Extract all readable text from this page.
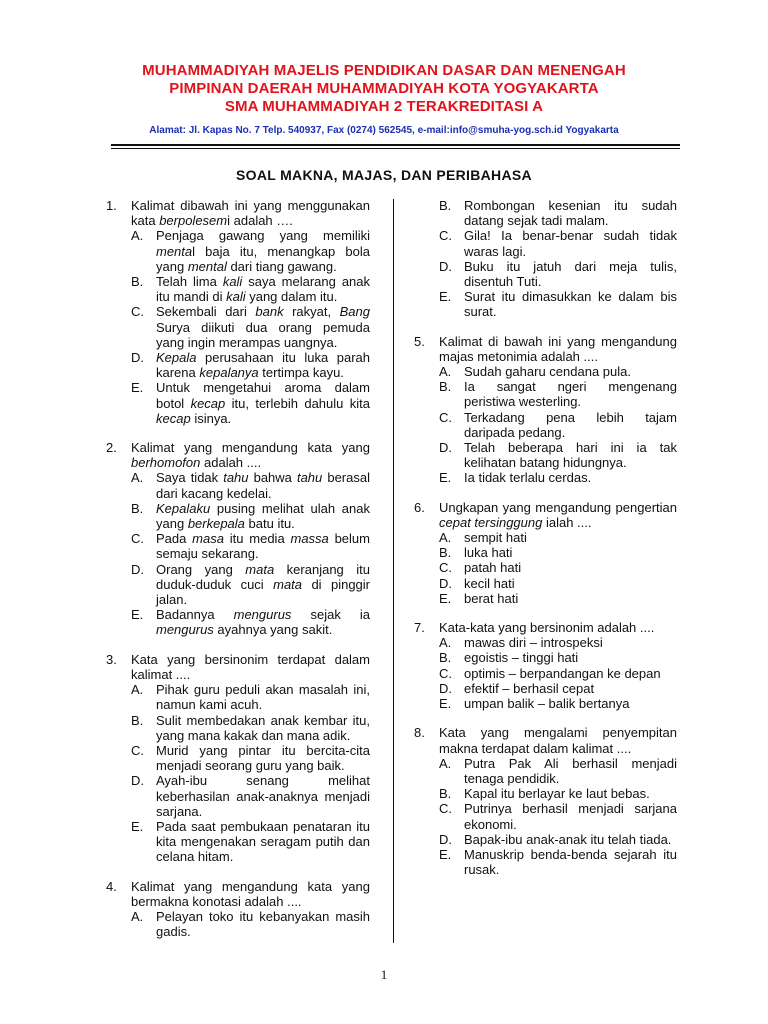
MUHAMMADIYAH MAJELIS PENDIDIKAN DASAR DAN MENENGAH
PIMPINAN DAERAH MUHAMMADIYAH KOTA YOGYAKARTA
SMA MUHAMMADIYAH 2 TERAKREDITASI A
Alamat: Jl. Kapas No. 7 Telp. 540937, Fax (0274) 562545, e-mail:info@smuha-yog.sch.id Yogyakarta
SOAL MAKNA, MAJAS, DAN PERIBAHASA
1.	Kalimat dibawah ini yang menggunakan kata berpolesemi adalah ….
A. Penjaga gawang yang memiliki mental baja itu, menangkap bola yang mental dari tiang gawang.
B. Telah lima kali saya melarang anak itu mandi di kali yang dalam itu.
C. Sekembali dari bank rakyat, Bang Surya diikuti dua orang pemuda yang ingin merampas uangnya.
D. Kepala perusahaan itu luka parah karena kepalanya tertimpa kayu.
E. Untuk mengetahui aroma dalam botol kecap itu, terlebih dahulu kita kecap isinya.
2.	Kalimat yang mengandung kata yang berhomofon adalah ....
A. Saya tidak tahu bahwa tahu berasal dari kacang kedelai.
B. Kepalaku pusing melihat ulah anak yang berkepala batu itu.
C. Pada masa itu media massa belum semaju sekarang.
D. Orang yang mata keranjang itu duduk-duduk cuci mata di pinggir jalan.
E. Badannya mengurus sejak ia mengurus ayahnya yang sakit.
3.	Kata yang bersinonim terdapat dalam kalimat ....
A. Pihak guru peduli akan masalah ini, namun kami acuh.
B. Sulit membedakan anak kembar itu, yang mana kakak dan mana adik.
C. Murid yang pintar itu bercita-cita menjadi seorang guru yang baik.
D. Ayah-ibu senang melihat keberhasilan anak-anaknya menjadi sarjana.
E. Pada saat pembukaan penataran itu kita mengenakan seragam putih dan celana hitam.
4.	Kalimat yang mengandung kata yang bermakna konotasi adalah ....
A. Pelayan toko itu kebanyakan masih gadis.
B. Rombongan kesenian itu sudah datang sejak tadi malam.
C. Gila! Ia benar-benar sudah tidak waras lagi.
D. Buku itu jatuh dari meja tulis, disentuh Tuti.
E. Surat itu dimasukkan ke dalam bis surat.
5.	Kalimat di bawah ini yang mengandung majas metonimia adalah ....
A. Sudah gaharu cendana pula.
B. Ia sangat ngeri mengenang peristiwa westerling.
C. Terkadang pena lebih tajam daripada pedang.
D. Telah beberapa hari ini ia tak kelihatan batang hidungnya.
E. Ia tidak terlalu cerdas.
6.	Ungkapan yang mengandung pengertian cepat tersinggung ialah ....
A. sempit hati
B. luka hati
C. patah hati
D. kecil hati
E. berat hati
7.	Kata-kata yang bersinonim adalah ....
A. mawas diri – introspeksi
B. egoistis – tinggi hati
C. optimis – berpandangan ke depan
D. efektif – berhasil cepat
E. umpan balik – balik bertanya
8.	Kata yang mengalami penyempitan makna terdapat dalam kalimat ....
A. Putra Pak Ali berhasil menjadi tenaga pendidik.
B. Kapal itu berlayar ke laut bebas.
C. Putrinya berhasil menjadi sarjana ekonomi.
D. Bapak-ibu anak-anak itu telah tiada.
E. Manuskrip benda-benda sejarah itu rusak.
1
